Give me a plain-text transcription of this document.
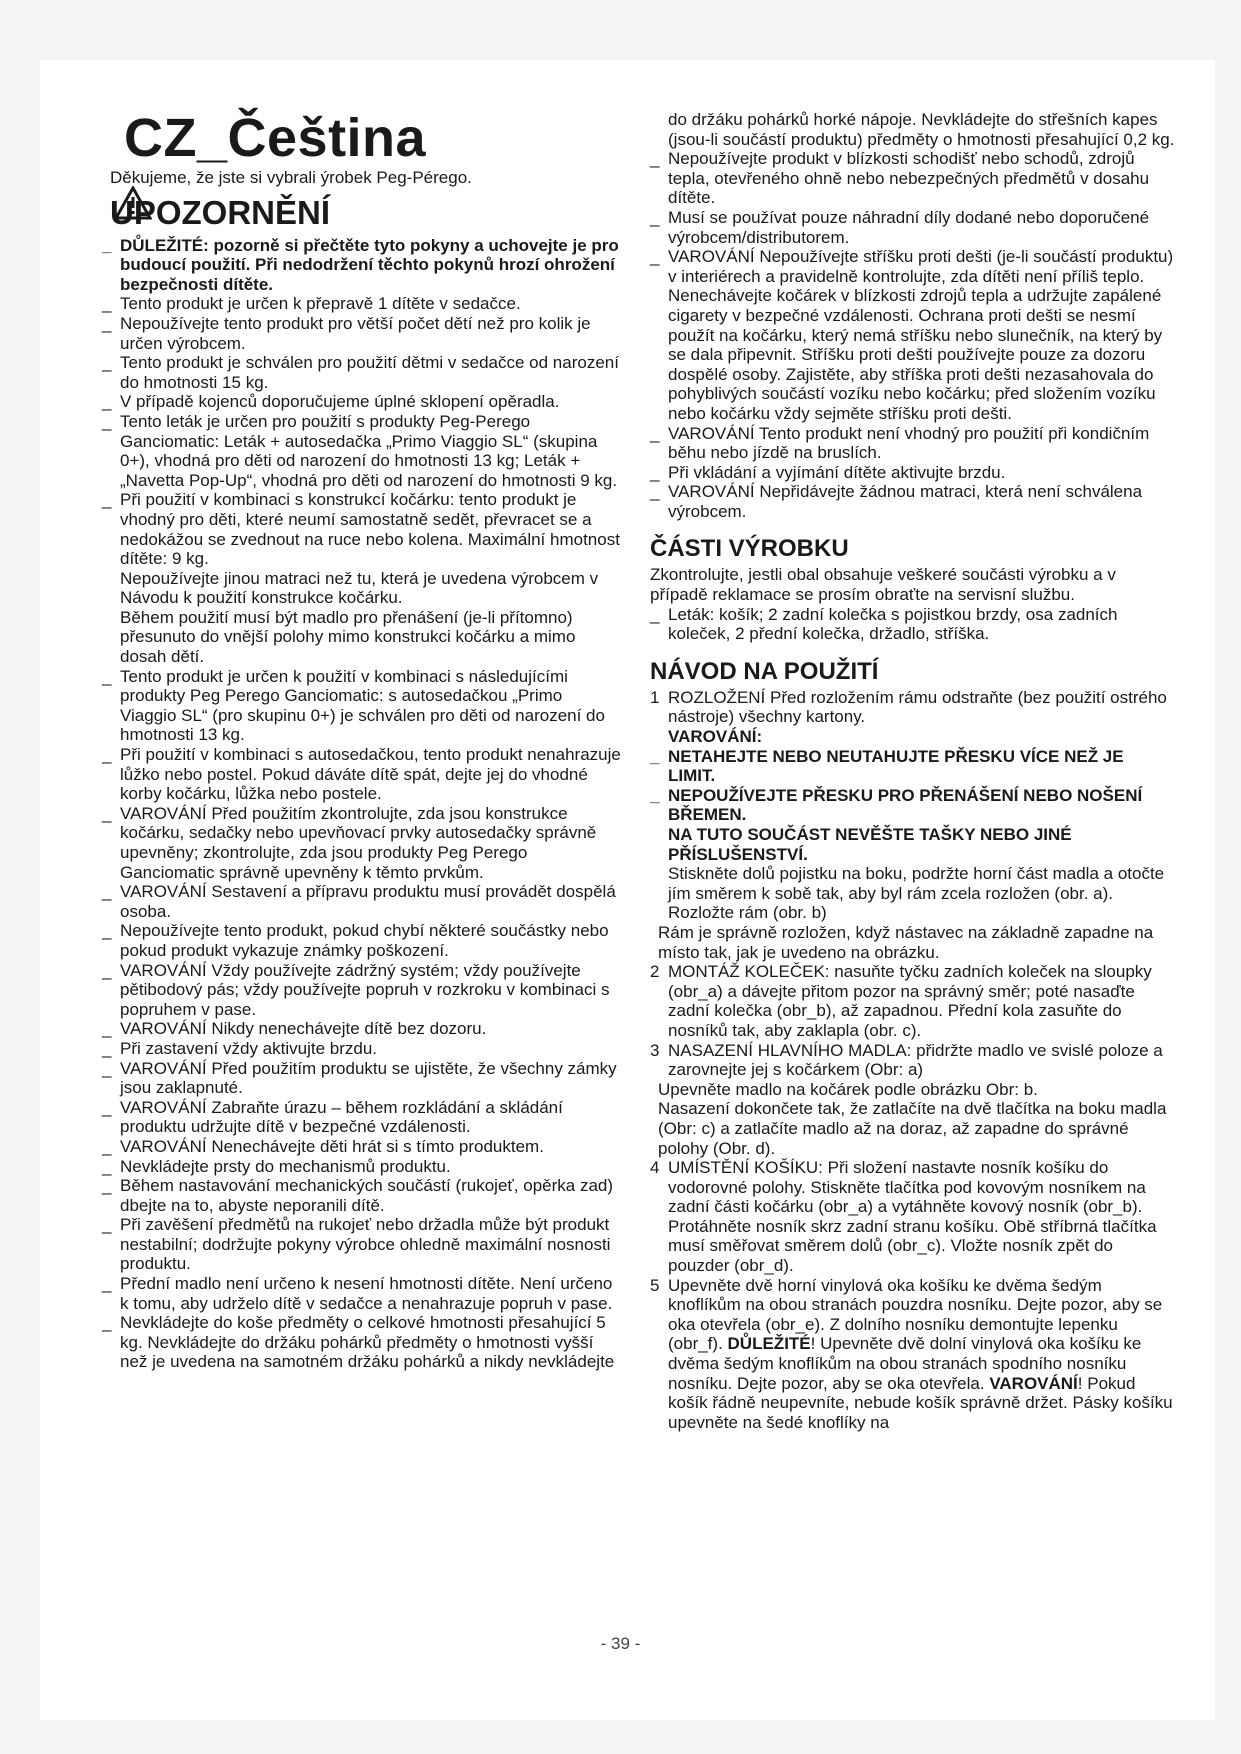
CZ_Čeština
Děkujeme, že jste si vybrali ýrobek Peg-Pérego.
UPOZORNĚNÍ
_ DŮLEŽITÉ: pozorně si přečtěte tyto pokyny a uchovejte je pro budoucí použití. Při nedodržení těchto pokynů hrozí ohrožení bezpečnosti dítěte.
_ Tento produkt je určen k přepravě 1 dítěte v sedačce.
_ Nepoužívejte tento produkt pro větší počet dětí než pro kolik je určen výrobcem.
_ Tento produkt je schválen pro použití dětmi v sedačce od narození do hmotnosti 15 kg.
_ V případě kojenců doporučujeme úplné sklopení opěradla.
_ Tento leták je určen pro použití s produkty Peg-Perego Ganciomatic: Leták + autosedačka „Primo Viaggio SL“ (skupina 0+), vhodná pro děti od narození do hmotnosti 13 kg; Leták + „Navetta Pop-Up“, vhodná pro děti od narození do hmotnosti 9 kg.
_ Při použití v kombinaci s konstrukcí kočárku: tento produkt je vhodný pro děti, které neumí samostatně sedět, převracet se a nedokážou se zvednout na ruce nebo kolena. Maximální hmotnost dítěte: 9 kg.
Nepoužívejte jinou matraci než tu, která je uvedena výrobcem v Návodu k použití konstrukce kočárku.
Během použití musí být madlo pro přenášení (je-li přítomno) přesunuto do vnější polohy mimo konstrukci kočárku a mimo dosah dětí.
_ Tento produkt je určen k použití v kombinaci s následujícími produkty Peg Perego Ganciomatic: s autosedačkou „Primo Viaggio SL“ (pro skupinu 0+) je schválen pro děti od narození do hmotnosti 13 kg.
_ Při použití v kombinaci s autosedačkou, tento produkt nenahrazuje lůžko nebo postel. Pokud dáváte dítě spát, dejte jej do vhodné korby kočárku, lůžka nebo postele.
_ VAROVÁNÍ Před použitím zkontrolujte, zda jsou konstrukce kočárku, sedačky nebo upevňovací prvky autosedačky správně upevněny; zkontrolujte, zda jsou produkty Peg Perego Ganciomatic správně upevněny k těmto prvkům.
_ VAROVÁNÍ Sestavení a přípravu produktu musí provádět dospělá osoba.
_ Nepoužívejte tento produkt, pokud chybí některé součástky nebo pokud produkt vykazuje známky poškození.
_ VAROVÁNÍ Vždy používejte zádržný systém; vždy používejte pětibodový pás; vždy používejte popruh v rozkroku v kombinaci s popruhem v pase.
_ VAROVÁNÍ Nikdy nenechávejte dítě bez dozoru.
_ Při zastavení vždy aktivujte brzdu.
_ VAROVÁNÍ Před použitím produktu se ujistěte, že všechny zámky jsou zaklapnuté.
_ VAROVÁNÍ Zabraňte úrazu – během rozkládání a skládání produktu udržujte dítě v bezpečné vzdálenosti.
_ VAROVÁNÍ Nenechávejte děti hrát si s tímto produktem.
_ Nevkládejte prsty do mechanismů produktu.
_ Během nastavování mechanických součástí (rukojeť, opěrka zad) dbejte na to, abyste neporanili dítě.
_ Při zavěšení předmětů na rukojeť nebo držadla může být produkt nestabilní; dodržujte pokyny výrobce ohledně maximální nosnosti produktu.
_ Přední madlo není určeno k nesení hmotnosti dítěte. Není určeno k tomu, aby udrželo dítě v sedačce a nenahrazuje popruh v pase.
_ Nevkládejte do koše předměty o celkové hmotnosti přesahující 5 kg. Nevkládejte do držáku pohárků předměty o hmotnosti vyšší než je uvedena na samotném držáku pohárků a nikdy nevkládejte
do držáku pohárků horké nápoje. Nevkládejte do střešních kapes (jsou-li součástí produktu) předměty o hmotnosti přesahující 0,2 kg.
_ Nepoužívejte produkt v blízkosti schodišť nebo schodů, zdrojů tepla, otevřeného ohně nebo nebezpečných předmětů v dosahu dítěte.
_ Musí se používat pouze náhradní díly dodané nebo doporučené výrobcem/distributorem.
_ VAROVÁNÍ Nepoužívejte stříšku proti dešti (je-li součástí produktu) v interiérech a pravidelně kontrolujte, zda dítěti není příliš teplo. Nenechávejte kočárek v blízkosti zdrojů tepla a udržujte zapálené cigarety v bezpečné vzdálenosti. Ochrana proti dešti se nesmí použít na kočárku, který nemá stříšku nebo slunečník, na který by se dala připevnit. Stříšku proti dešti používejte pouze za dozoru dospělé osoby. Zajistěte, aby stříška proti dešti nezasahovala do pohyblivých součástí vozíku nebo kočárku; před složením vozíku nebo kočárku vždy sejměte stříšku proti dešti.
_ VAROVÁNÍ Tento produkt není vhodný pro použití při kondičním běhu nebo jízdě na bruslích.
_ Při vkládání a vyjímání dítěte aktivujte brzdu.
_ VAROVÁNÍ Nepřidávejte žádnou matraci, která není schválena výrobcem.
ČÁSTI VÝROBKU
Zkontrolujte, jestli obal obsahuje veškeré součásti výrobku a v případě reklamace se prosím obraťte na servisní službu.
_ Leták: košík; 2 zadní kolečka s pojistkou brzdy, osa zadních koleček, 2 přední kolečka, držadlo, stříška.
NÁVOD NA POUŽITÍ
1 ROZLOŽENÍ Před rozložením rámu odstraňte (bez použití ostrého nástroje) všechny kartony.
VAROVÁNÍ:
_ NETAHEJTE NEBO NEUTAHUJTE PŘESKU VÍCE NEŽ JE LIMIT.
_ NEPOUŽÍVEJTE PŘESKU PRO PŘENÁŠENÍ NEBO NOŠENÍ BŘEMEN.
NA TUTO SOUČÁST NEVĚŠTE TAŠKY NEBO JINÉ PŘÍSLUŠENSTVÍ.
Stiskněte dolů pojistku na boku, podržte horní část madla a otočte jím směrem k sobě tak, aby byl rám zcela rozložen (obr. a). Rozložte rám (obr. b)
Rám je správně rozložen, když nástavec na základně zapadne na místo tak, jak je uvedeno na obrázku.
2 MONTÁŽ KOLEČEK: nasuňte tyčku zadních koleček na sloupky (obr_a) a dávejte přitom pozor na správný směr; poté nasaďte zadní kolečka (obr_b), až zapadnou. Přední kola zasuňte do nosníků tak, aby zaklapla (obr. c).
3 NASAZENÍ HLAVNÍHO MADLA: přidržte madlo ve svislé poloze a zarovnejte jej s kočárkem (Obr: a)
Upevněte madlo na kočárek podle obrázku Obr: b.
Nasazení dokončete tak, že zatlačíte na dvě tlačítka na boku madla (Obr: c) a zatlačíte madlo až na doraz, až zapadne do správné polohy (Obr. d).
4 UMÍSTĚNÍ KOŠÍKU: Při složení nastavte nosník košíku do vodorovné polohy. Stiskněte tlačítka pod kovovým nosníkem na zadní části kočárku (obr_a) a vytáhněte kovový nosník (obr_b). Protáhněte nosník skrz zadní stranu košíku. Obě stříbrná tlačítka musí směřovat směrem dolů (obr_c). Vložte nosník zpět do pouzder (obr_d).
5 Upevněte dvě horní vinylová oka košíku ke dvěma šedým knoflíkům na obou stranách pouzdra nosníku. Dejte pozor, aby se oka otevřela (obr_e). Z dolního nosníku demontujte lepenku (obr_f). DŮLEŽITÉ! Upevněte dvě dolní vinylová oka košíku ke dvěma šedým knoflíkům na obou stranách spodního nosníku nosníku. Dejte pozor, aby se oka otevřela. VAROVÁNÍ! Pokud košík řádně neupevníte, nebude košík správně držet. Pásky košíku upevněte na šedé knoflíky na
- 39 -
